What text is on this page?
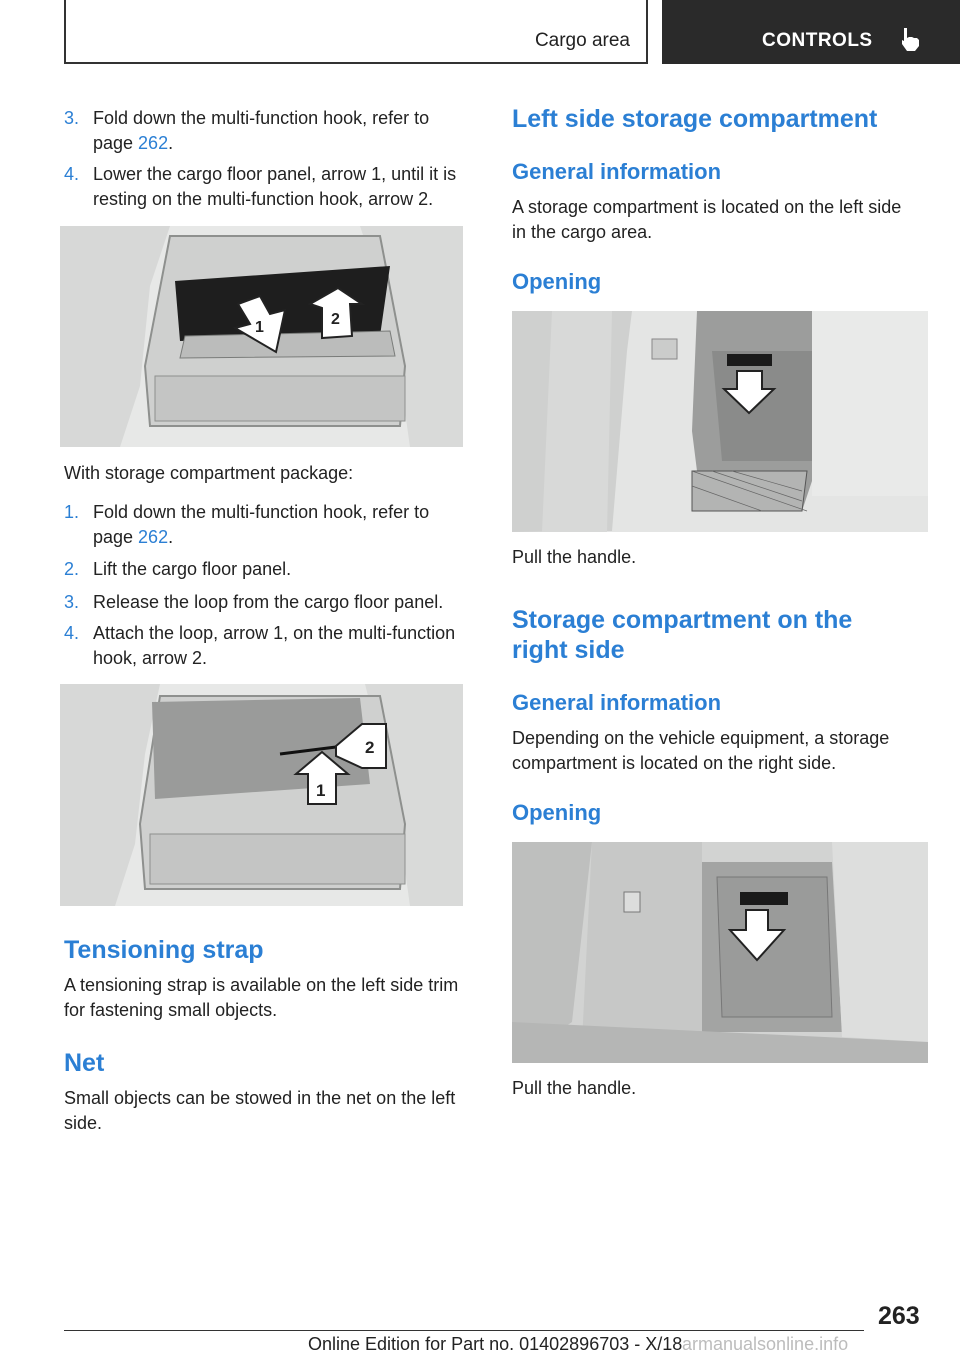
Cargo area	CONTROLS
3. Fold down the multi-function hook, refer to page 262.
4. Lower the cargo floor panel, arrow 1, until it is resting on the multi-function hook, arrow 2.
1	2
With storage compartment package:
1. Fold down the multi-function hook, refer to page 262.
2. Lift the cargo floor panel.
3. Release the loop from the cargo floor panel.
4. Attach the loop, arrow 1, on the multi-function hook, arrow 2.
1
2
Tensioning strap
A tensioning strap is available on the left side trim for fastening small objects.
Net
Small objects can be stowed in the net on the left side.
Left side storage compartment
General information
A storage compartment is located on the left side in the cargo area.
Opening
Pull the handle.
Storage compartment on the right side
General information
Depending on the vehicle equipment, a storage compartment is located on the right side.
Opening
Pull the handle.
263
Online Edition for Part no. 01402896703 - X/18 armanualsonline.info
